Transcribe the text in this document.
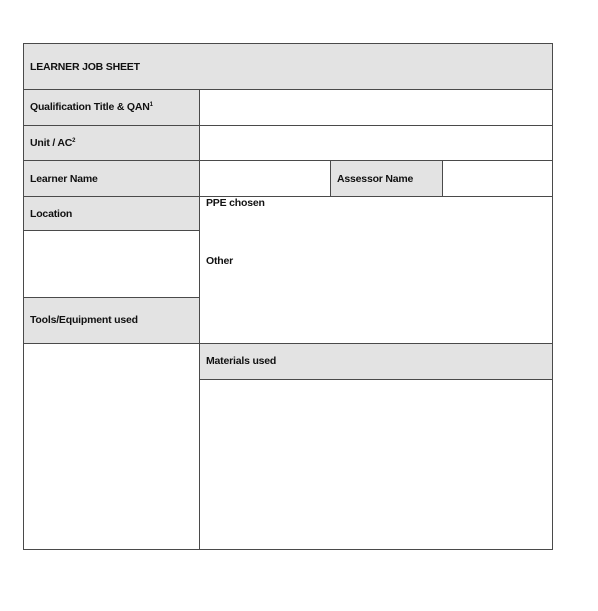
LEARNER JOB SHEET
Qualification Title & QAN$^1$
Unit / $AC^2$
Learner Name	Assessor Name
Location
PPE chosen
Other
Tools/Equipment used
Materials used
